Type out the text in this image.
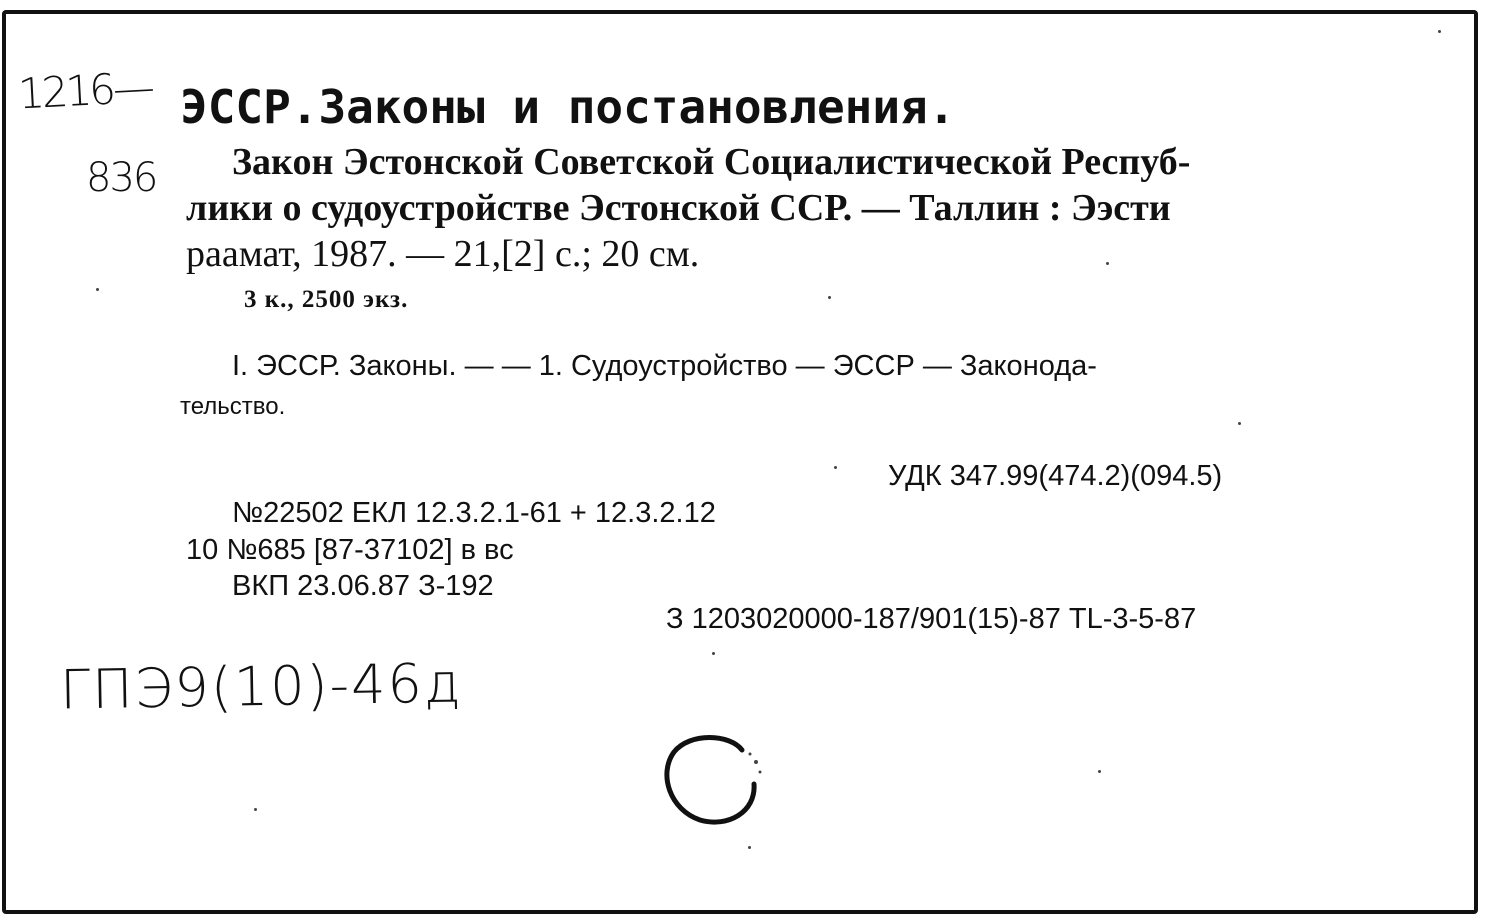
1216—
836
ЭССР.Законы и постановления.
Закон Эстонской Советской Социалистической Респуб-
лики о судоустройстве Эстонской ССР. — Таллин : Ээсти
раамат, 1987. — 21,[2] с.; 20 см.
3 к., 2500 экз.
I. ЭССР. Законы. — — 1. Судоустройство — ЭССР — Законода-
тельство.
УДК 347.99(474.2)(094.5)
№22502 ЕКЛ 12.3.2.1-61 + 12.3.2.12
10 №685 [87-37102] в вс
ВКП 23.06.87 З-192
З 1203020000-187/901(15)-87 TL-3-5-87
ГПЭ9(10)-46д
